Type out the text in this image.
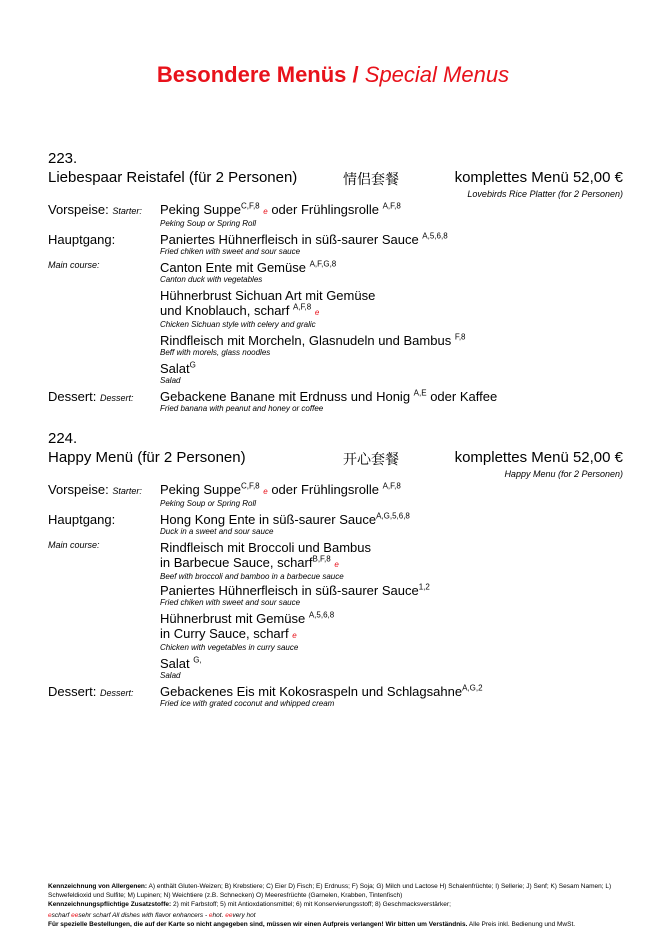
Besondere Menüs / Special Menus
223.
Liebespaar Reistafel (für 2 Personen)	情侣套餐	komplettes Menü 52,00 €
Lovebirds Rice Platter (for 2 Personen)
Vorspeise: Starter: Peking Suppe$^{C,F,8}$ e oder Frühlingsrolle $^{A,F,8}$
Peking Soup or Spring Roll
Hauptgang:	Paniertes Hühnerfleisch in süß-saurer Sauce $^{A,5,6,8}$
Fried chiken with sweet and sour sauce
Main course:	Canton Ente mit Gemüse $^{A,F,G,8}$
Canton duck with vegetables
Hühnerbrust Sichuan Art mit Gemüse
und Knoblauch, scharf $^{A,F,8}$ e
Chicken Sichuan style with celery and gralic
Rindfleisch mit Morcheln, Glasnudeln und Bambus $^{F,8}$
Beff with morels, glass noodles
Salat$^G$
Salad
Dessert: Dessert: Gebackene Banane mit Erdnuss und Honig $^{A,E}$ oder Kaffee
Fried banana with peanut and honey or coffee
224.
Happy Menü (für 2 Personen)	开心套餐	komplettes Menü 52,00 €
Happy Menu (for 2 Personen)
Vorspeise: Starter: Peking Suppe$^{C,F,8}$ e oder Frühlingsrolle $^{A,F,8}$
Peking Soup or Spring Roll
Hauptgang:	Hong Kong Ente in süß-saurer Sauce$^{A,G,5,6,8}$
Duck in a sweet and sour sauce
Main course:	Rindfleisch mit Broccoli und Bambus
in Barbecue Sauce, scharf$^{B,F,8}$ e
Beef with broccoli and bamboo in a barbecue sauce
Paniertes Hühnerfleisch in süß-saurer Sauce$^{1,2}$
Fried chiken with sweet and sour sauce
Hühnerbrust mit Gemüse $^{A,5,6,8}$
in Curry Sauce, scharf e
Chicken with vegetables in curry sauce
Salat $^{G,}$
Salad
Dessert: Dessert: Gebackenes Eis mit Kokosraspeln und Schlagsahne$^{A,G,2}$
Fried ice with grated coconut and whipped cream
Kennzeichnung von Allergenen: A) enthält Gluten-Weizen; B) Krebstiere; C) Eier D) Fisch; E) Erdnuss; F) Soja; G) Milch und Lactose H) Schalenfrüchte; I) Sellerie; J) Senf; K) Sesam Namen; L) Schwefeldioxid und Sulfite; M) Lupinen; N) Weichtiere (z.B. Schnecken) O) Meeresfrüchte (Garnelen, Krabben, Tintenfisch)
Kennzeichnungspflichtige Zusatzstoffe: 2) mit Farbstoff; 5) mit Antioxdationsmittel; 6) mit Konservierungsstoff; 8) Geschmacksverstärker;
escharf eesehr scharf All dishes with flavor enhancers - ehot. eevery hot
Für spezielle Bestellungen, die auf der Karte so nicht angegeben sind, müssen wir einen Aufpreis verlangen! Wir bitten um Verständnis. Alle Preis inkl. Bedienung und MwSt.
